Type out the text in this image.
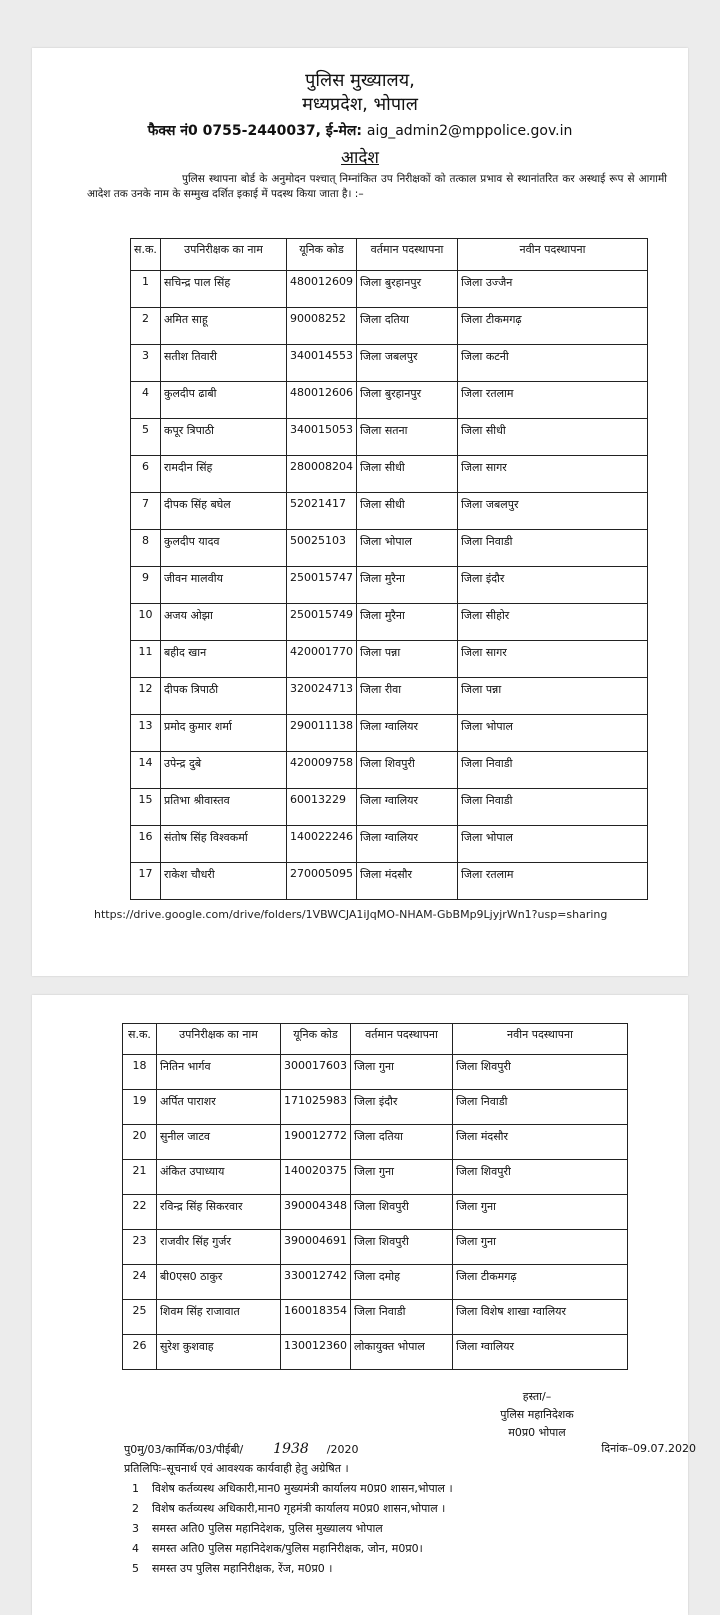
पुलिस मुख्यालय,
मध्यप्रदेश, भोपाल
फैक्स नं0 0755-2440037, ई-मेल: aig_admin2@mppolice.gov.in
आदेश
पुलिस स्थापना बोर्ड के अनुमोदन पश्चात् निम्नांकित उप निरीक्षकों को तत्काल प्रभाव से स्थानांतरित कर अस्थाई रूप से आगामी आदेश तक उनके नाम के सम्मुख दर्शित इकाई में पदस्थ किया जाता है। :–
स.क.	उपनिरीक्षक का नाम	यूनिक कोड	वर्तमान पदस्थापना	नवीन पदस्थापना
1	सचिन्द्र पाल सिंह	480012609	जिला बुरहानपुर	जिला उज्जैन
2	अमित साहू	90008252	जिला दतिया	जिला टीकमगढ़
3	सतीश तिवारी	340014553	जिला जबलपुर	जिला कटनी
4	कुलदीप ढाबी	480012606	जिला बुरहानपुर	जिला रतलाम
5	कपूर त्रिपाठी	340015053	जिला सतना	जिला सीधी
6	रामदीन सिंह	280008204	जिला सीधी	जिला सागर
7	दीपक सिंह बघेल	52021417	जिला सीधी	जिला जबलपुर
8	कुलदीप यादव	50025103	जिला भोपाल	जिला निवाडी
9	जीवन मालवीय	250015747	जिला मुरैना	जिला इंदौर
10	अजय ओझा	250015749	जिला मुरैना	जिला सीहोर
11	बहीद खान	420001770	जिला पन्ना	जिला सागर
12	दीपक त्रिपाठी	320024713	जिला रीवा	जिला पन्ना
13	प्रमोद कुमार शर्मा	290011138	जिला ग्वालियर	जिला भोपाल
14	उपेन्द्र दुबे	420009758	जिला शिवपुरी	जिला निवाडी
15	प्रतिभा श्रीवास्तव	60013229	जिला ग्वालियर	जिला निवाडी
16	संतोष सिंह विश्वकर्मा	140022246	जिला ग्वालियर	जिला भोपाल
17	राकेश चौधरी	270005095	जिला मंदसौर	जिला रतलाम
https://drive.google.com/drive/folders/1VBWCJA1iJqMO-NHAM-GbBMp9LjyjrWn1?usp=sharing
स.क.	उपनिरीक्षक का नाम	यूनिक कोड	वर्तमान पदस्थापना	नवीन पदस्थापना
18	नितिन भार्गव	300017603	जिला गुना	जिला शिवपुरी
19	अर्पित पाराशर	171025983	जिला इंदौर	जिला निवाडी
20	सुनील जाटव	190012772	जिला दतिया	जिला मंदसौर
21	अंकित उपाध्याय	140020375	जिला गुना	जिला शिवपुरी
22	रविन्द्र सिंह सिकरवार	390004348	जिला शिवपुरी	जिला गुना
23	राजवीर सिंह गुर्जर	390004691	जिला शिवपुरी	जिला गुना
24	बी0एस0 ठाकुर	330012742	जिला दमोह	जिला टीकमगढ़
25	शिवम सिंह राजावात	160018354	जिला निवाडी	जिला विशेष शाखा ग्वालियर
26	सुरेश कुशवाह	130012360	लोकायुक्त भोपाल	जिला ग्वालियर
हस्ता/–
पुलिस महानिदेशक
म0प्र0 भोपाल
पु0मु/03/कार्मिक/03/पीईबी/ 1938 /2020	दिनांक–09.07.2020
प्रतिलिपिः–सूचनार्थ एवं आवश्यक कार्यवाही हेतु अग्रेषित ।
1 विशेष कर्तव्यस्थ अधिकारी,मान0 मुख्यमंत्री कार्यालय म0प्र0 शासन,भोपाल ।
2 विशेष कर्तव्यस्थ अधिकारी,मान0 गृहमंत्री कार्यालय म0प्र0 शासन,भोपाल ।
3 समस्त अति0 पुलिस महानिदेशक, पुलिस मुख्यालय भोपाल
4 समस्त अति0 पुलिस महानिदेशक/पुलिस महानिरीक्षक, जोन, म0प्र0।
5 समस्त उप पुलिस महानिरीक्षक, रेंज, म0प्र0 ।
